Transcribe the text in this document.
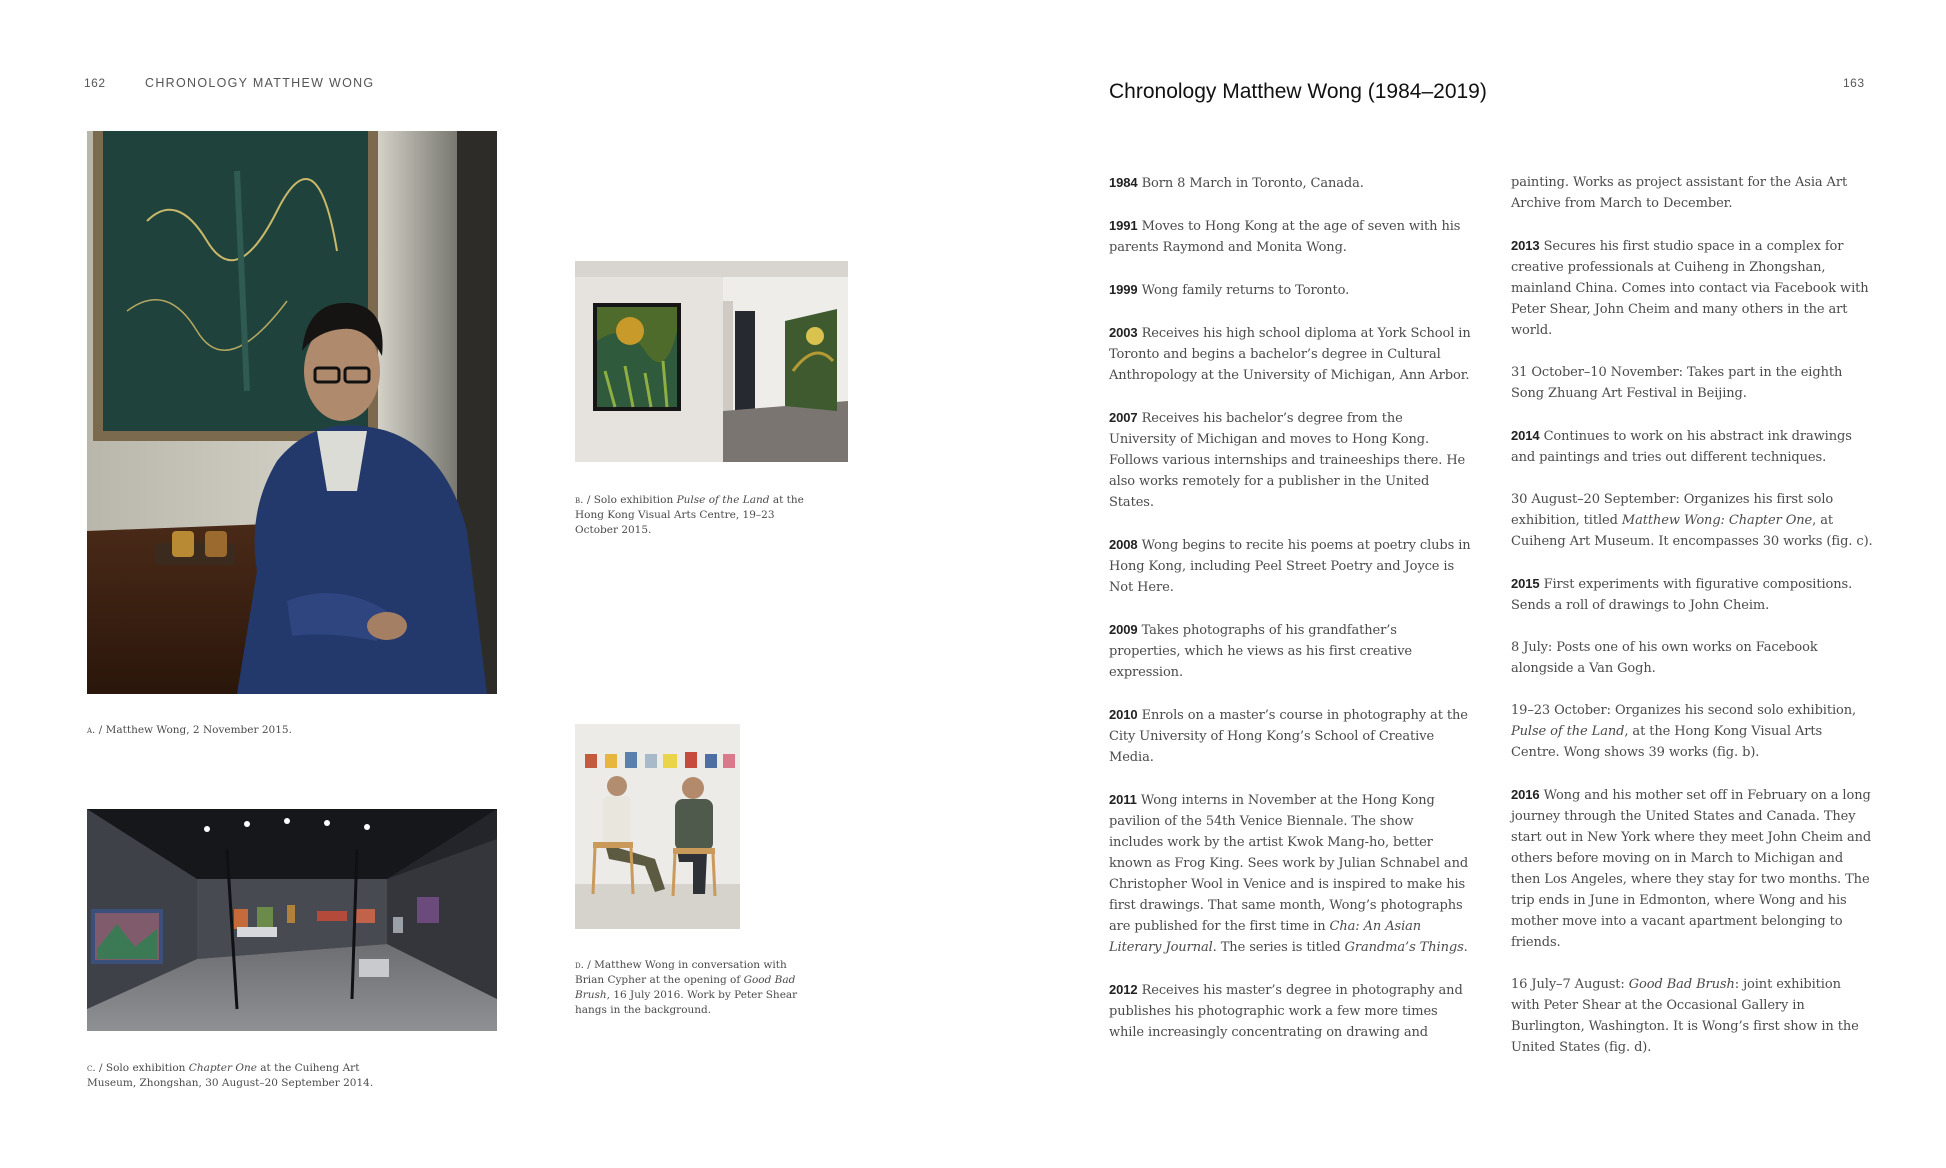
162	CHRONOLOGY MATTHEW WONG
a. / Matthew Wong, 2 November 2015.
b. / Solo exhibition Pulse of the Land at the Hong Kong Visual Arts Centre, 19–23 October 2015.
d. / Matthew Wong in conversation with Brian Cypher at the opening of Good Bad Brush, 16 July 2016. Work by Peter Shear hangs in the background.
c. / Solo exhibition Chapter One at the Cuiheng Art Museum, Zhongshan, 30 August–20 September 2014.
Chronology Matthew Wong (1984–2019)	163

1984 Born 8 March in Toronto, Canada.

1991 Moves to Hong Kong at the age of seven with his parents Raymond and Monita Wong.

1999 Wong family returns to Toronto.

2003 Receives his high school diploma at York School in Toronto and begins a bachelor’s degree in Cultural Anthropology at the University of Michigan, Ann Arbor.

2007 Receives his bachelor’s degree from the University of Michigan and moves to Hong Kong. Follows various internships and traineeships there. He also works remotely for a publisher in the United States.

2008 Wong begins to recite his poems at poetry clubs in Hong Kong, including Peel Street Poetry and Joyce is Not Here.

2009 Takes photographs of his grandfather’s properties, which he views as his first creative expression.

2010 Enrols on a master’s course in photography at the City University of Hong Kong’s School of Creative Media.

2011 Wong interns in November at the Hong Kong pavilion of the 54th Venice Biennale. The show includes work by the artist Kwok Mang-ho, better known as Frog King. Sees work by Julian Schnabel and Christopher Wool in Venice and is inspired to make his first drawings. That same month, Wong’s photographs are published for the first time in Cha: An Asian Literary Journal. The series is titled Grandma’s Things.

2012 Receives his master’s degree in photography and publishes his photographic work a few more times while increasingly concentrating on drawing and

painting. Works as project assistant for the Asia Art Archive from March to December.

2013 Secures his first studio space in a complex for creative professionals at Cuiheng in Zhongshan, mainland China. Comes into contact via Facebook with Peter Shear, John Cheim and many others in the art world.

31 October–10 November: Takes part in the eighth Song Zhuang Art Festival in Beijing.

2014 Continues to work on his abstract ink drawings and paintings and tries out different techniques.

30 August–20 September: Organizes his first solo exhibition, titled Matthew Wong: Chapter One, at Cuiheng Art Museum. It encompasses 30 works (fig. c).

2015 First experiments with figurative compositions. Sends a roll of drawings to John Cheim.

8 July: Posts one of his own works on Facebook alongside a Van Gogh.

19–23 October: Organizes his second solo exhibition, Pulse of the Land, at the Hong Kong Visual Arts Centre. Wong shows 39 works (fig. b).

2016 Wong and his mother set off in February on a long journey through the United States and Canada. They start out in New York where they meet John Cheim and others before moving on in March to Michigan and then Los Angeles, where they stay for two months. The trip ends in June in Edmonton, where Wong and his mother move into a vacant apartment belonging to friends.

16 July–7 August: Good Bad Brush: joint exhibition with Peter Shear at the Occasional Gallery in Burlington, Washington. It is Wong’s first show in the United States (fig. d).
